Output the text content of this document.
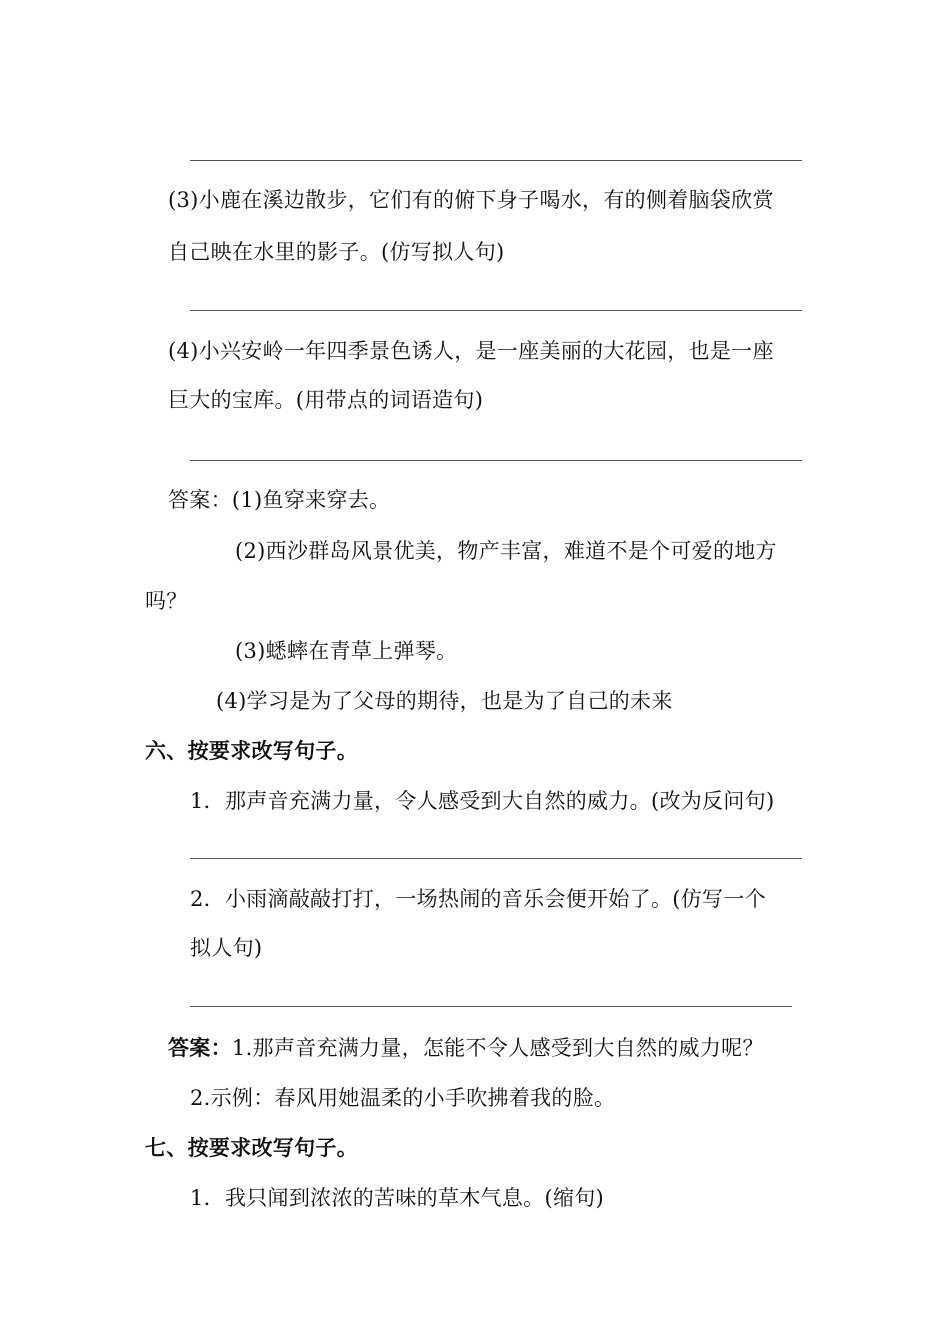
(3)小鹿在溪边散步，它们有的俯下身子喝水，有的侧着脑袋欣赏
自己映在水里的影子。(仿写拟人句)
(4)小兴安岭一年四季景色诱人，是一座美丽的大花园，也是一座
巨大的宝库。(用带点的词语造句)
答案：(1)鱼穿来穿去。
(2)西沙群岛风景优美，物产丰富，难道不是个可爱的地方
吗？
(3)蟋蟀在青草上弹琴。
(4)学习是为了父母的期待，也是为了自己的未来
六、按要求改写句子。
1．那声音充满力量，令人感受到大自然的威力。(改为反问句)
2．小雨滴敲敲打打，一场热闹的音乐会便开始了。(仿写一个
拟人句)
答案：1.那声音充满力量，怎能不令人感受到大自然的威力呢？
2.示例：春风用她温柔的小手吹拂着我的脸。
七、按要求改写句子。
1．我只闻到浓浓的苦味的草木气息。(缩句)
